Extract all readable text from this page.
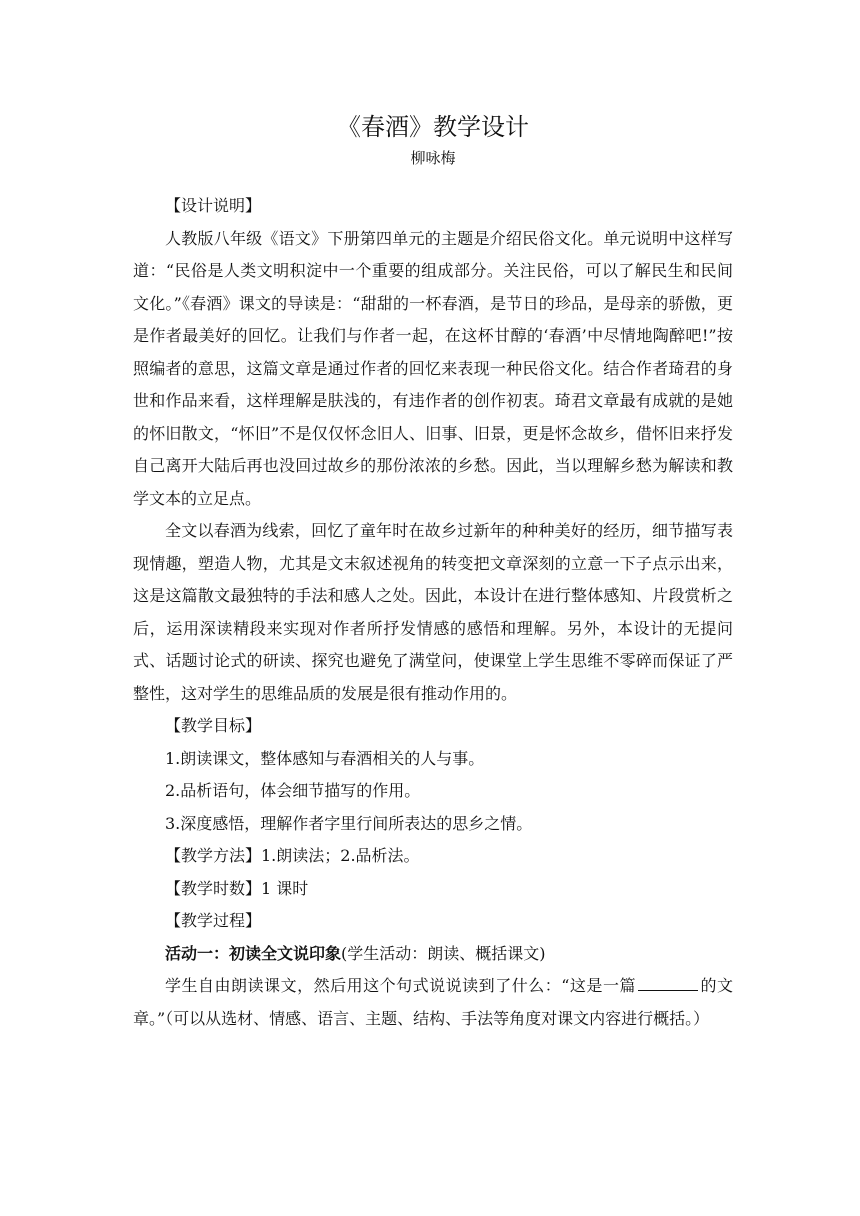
《春酒》教学设计

柳咏梅

【设计说明】

人教版八年级《语文》下册第四单元的主题是介绍民俗文化。单元说明中这样写道：“民俗是人类文明积淀中一个重要的组成部分。关注民俗，可以了解民生和民间文化。”《春酒》课文的导读是：“甜甜的一杯春酒，是节日的珍品，是母亲的骄傲，更是作者最美好的回忆。让我们与作者一起，在这杯甘醇的‘春酒’中尽情地陶醉吧!”按照编者的意思，这篇文章是通过作者的回忆来表现一种民俗文化。结合作者琦君的身世和作品来看，这样理解是肤浅的，有违作者的创作初衷。琦君文章最有成就的是她的怀旧散文，“怀旧”不是仅仅怀念旧人、旧事、旧景，更是怀念故乡，借怀旧来抒发自己离开大陆后再也没回过故乡的那份浓浓的乡愁。因此，当以理解乡愁为解读和教学文本的立足点。

全文以春酒为线索，回忆了童年时在故乡过新年的种种美好的经历，细节描写表现情趣，塑造人物，尤其是文末叙述视角的转变把文章深刻的立意一下子点示出来，这是这篇散文最独特的手法和感人之处。因此，本设计在进行整体感知、片段赏析之后，运用深读精段来实现对作者所抒发情感的感悟和理解。另外，本设计的无提问式、话题讨论式的研读、探究也避免了满堂问，使课堂上学生思维不零碎而保证了严整性，这对学生的思维品质的发展是很有推动作用的。

【教学目标】

1.朗读课文，整体感知与春酒相关的人与事。

2.品析语句，体会细节描写的作用。

3.深度感悟，理解作者字里行间所表达的思乡之情。

【教学方法】1.朗读法；2.品析法。

【教学时数】1 课时

【教学过程】

活动一：初读全文说印象(学生活动：朗读、概括课文)

学生自由朗读课文，然后用这个句式说说读到了什么：“这是一篇	的文章。”（可以从选材、情感、语言、主题、结构、手法等角度对课文内容进行概括。）
